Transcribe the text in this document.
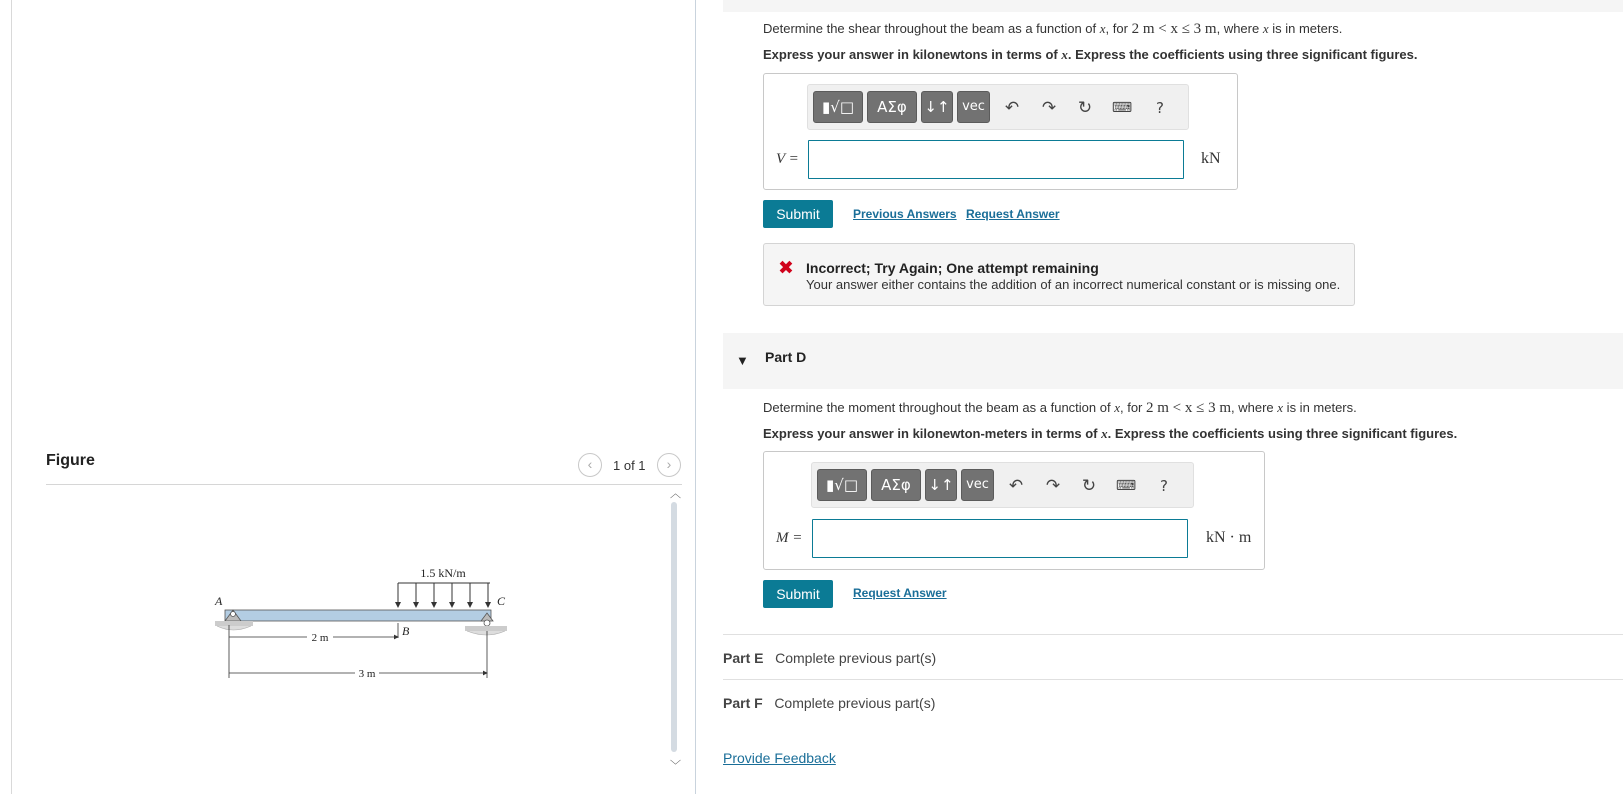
Figure	‹	1 of 1	›
︿
﹀
1.5 kN/m
A	C
B
2 m
3 m
Determine the shear throughout the beam as a function of x, for 2 m < x ≤ 3 m, where x is in meters.
Express your answer in kilonewtons in terms of x. Express the coefficients using three significant figures.
▮√□	ΑΣφ	↓↑ vec ↶ ↷ ↻	⌨	?
V =	kN
Submit	Previous Answers Request Answer
✖ Incorrect; Try Again; One attempt remaining
Your answer either contains the addition of an incorrect numerical constant or is missing one.
▼ Part D
Determine the moment throughout the beam as a function of x, for 2 m < x ≤ 3 m, where x is in meters.
Express your answer in kilonewton-meters in terms of x. Express the coefficients using three significant figures.
▮√□	ΑΣφ	↓↑ vec ↶ ↷ ↻	⌨	?
M =	kN · m
Submit	Request Answer
Part E Complete previous part(s)
Part F Complete previous part(s)
Provide Feedback
